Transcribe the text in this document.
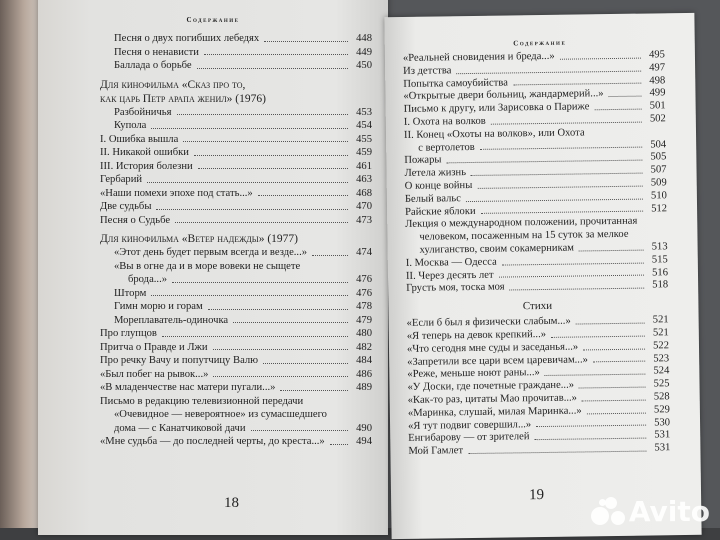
Содержание
Песня о двух погибших лебедях	448
Песня о ненависти	449
Баллада о борьбе	450
Для кинофильма «Сказ про то,
как царь Петр арапа женил» (1976)
Разбойничья	453
Купола	454
I. Ошибка вышла	455
II. Никакой ошибки	459
III. История болезни	461
Гербарий	463
«Наши помехи эпохе под стать...»	468
Две судьбы	470
Песня о Судьбе	473
Для кинофильма «Ветер надежды» (1977)
«Этот день будет первым всегда и везде...»	474
«Вы в огне да и в море вовеки не сыщете
брода...»	476
Шторм	476
Гимн морю и горам	478
Мореплаватель-одиночка	479
Про глупцов	480
Притча о Правде и Лжи	482
Про речку Вачу и попутчицу Валю	484
«Был побег на рывок...»	486
«В младенчестве нас матери пугали...»	489
Письмо в редакцию телевизионной передачи
«Очевидное — невероятное» из сумасшедшего
дома — с Канатчиковой дачи	490
«Мне судьба — до последней черты, до креста...»	494
18
Содержание
«Реальней сновидения и бреда...»	495
Из детства	497
Попытка самоубийства	498
«Открытые двери больниц, жандармерий...»	499
Письмо к другу, или Зарисовка о Париже	501
I. Охота на волков	502
II. Конец «Охоты на волков», или Охота
с вертолетов	504
Пожары	505
Летела жизнь	507
О конце войны	509
Белый вальс	510
Райские яблоки	512
Лекция о международном положении, прочитанная
человеком, посаженным на 15 суток за мелкое
хулиганство, своим сокамерникам	513
I. Москва — Одесса	515
II. Через десять лет	516
Грусть моя, тоска моя	518
Стихи
«Если б был я физически слабым...»	521
«Я теперь на девок крепкий...»	521
«Что сегодня мне суды и заседанья...»	522
«Запретили все цари всем царевичам...»	523
«Реже, меньше ноют раны...»	524
«У Доски, где почетные граждане...»	525
«Как-то раз, цитаты Мао прочитав...»	528
«Маринка, слушай, милая Маринка...»	529
«Я тут подвиг совершил...»	530
Енгибарову — от зрителей	531
Мой Гамлет	531
19	Avito
